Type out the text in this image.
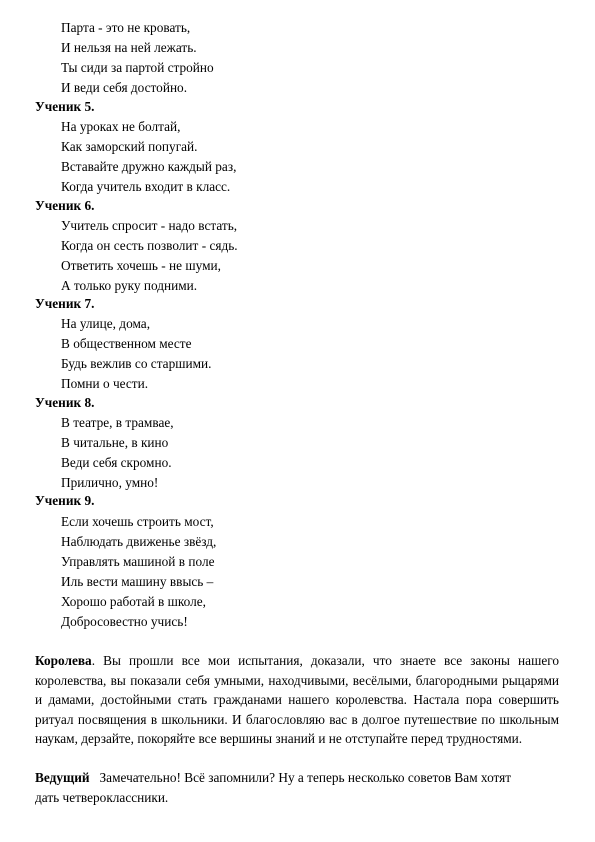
Парта - это не кровать,
И нельзя на ней лежать.
Ты сиди за партой стройно
И веди себя достойно.
Ученик 5.
На уроках не болтай,
Как заморский попугай.
Вставайте дружно каждый раз,
Когда учитель входит в класс.
Ученик 6.
Учитель спросит - надо встать,
Когда он сесть позволит - сядь.
Ответить хочешь - не шуми,
А только руку подними.
Ученик 7.
На улице, дома,
В общественном месте
Будь вежлив со старшими.
Помни о чести.
Ученик 8.
В театре, в трамвае,
В читальне, в кино
Веди себя скромно.
Прилично, умно!
Ученик 9.
Если хочешь строить мост,
Наблюдать движенье звёзд,
Управлять машиной в поле
Иль вести машину ввысь –
Хорошо работай в школе,
Добросовестно учись!
Королева. Вы прошли все мои испытания, доказали, что знаете все законы нашего королевства, вы показали себя умными, находчивыми, весёлыми, благородными рыцарями и дамами, достойными стать гражданами нашего королевства. Настала пора совершить ритуал посвящения в школьники. И благословляю вас в долгое путешествие по школьным наукам, дерзайте, покоряйте все вершины знаний и не отступайте перед трудностями.
Ведущий Замечательно! Всё запомнили? Ну а теперь несколько советов Вам хотят
дать четвероклассники.
